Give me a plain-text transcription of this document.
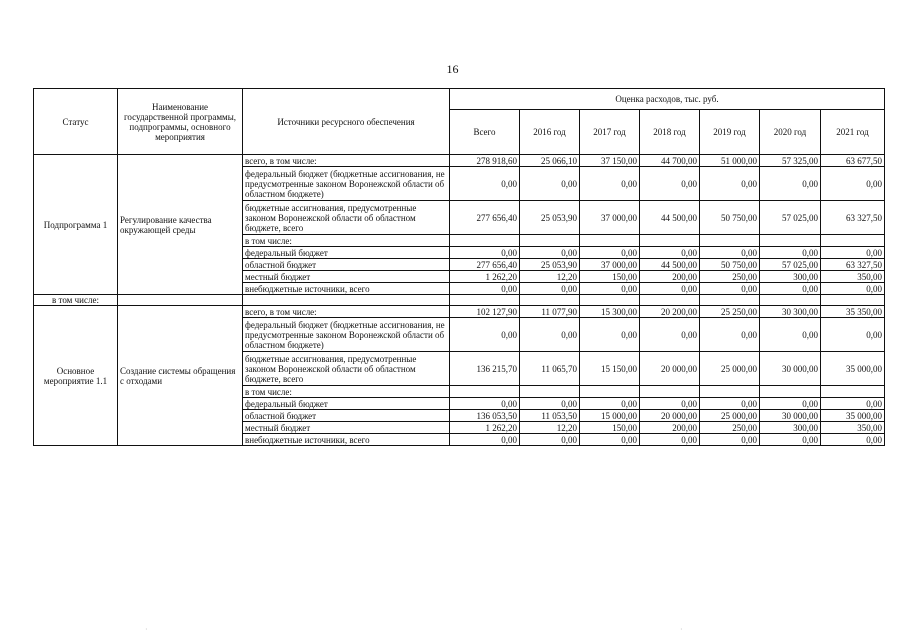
16
Статус	Наименование государственной программы, подпрограммы, основного мероприятия	Источники ресурсного обеспечения	Оценка расходов, тыс. руб.						
			Всего	2016 год	2017 год	2018 год	2019 год	2020 год	2021 год
Подпрограмма 1	Регулирование качества окружающей среды	всего, в том числе:	278 918,60	25 066,10	37 150,00	44 700,00	51 000,00	57 325,00	63 677,50
		федеральный бюджет (бюджетные ассигнования, не предусмотренные законом Воронежской области об областном бюджете)	0,00	0,00	0,00	0,00	0,00	0,00	0,00
		бюджетные ассигнования, предусмотренные законом Воронежской области об областном бюджете, всего	277 656,40	25 053,90	37 000,00	44 500,00	50 750,00	57 025,00	63 327,50
		в том числе:							
		федеральный бюджет	0,00	0,00	0,00	0,00	0,00	0,00	0,00
		областной бюджет	277 656,40	25 053,90	37 000,00	44 500,00	50 750,00	57 025,00	63 327,50
		местный бюджет	1 262,20	12,20	150,00	200,00	250,00	300,00	350,00
		внебюджетные источники, всего	0,00	0,00	0,00	0,00	0,00	0,00	0,00
в том числе:									
Основное мероприятие 1.1	Создание системы обращения с отходами	всего, в том числе:	102 127,90	11 077,90	15 300,00	20 200,00	25 250,00	30 300,00	35 350,00
		федеральный бюджет (бюджетные ассигнования, не предусмотренные законом Воронежской области об областном бюджете)	0,00	0,00	0,00	0,00	0,00	0,00	0,00
		бюджетные ассигнования, предусмотренные законом Воронежской области об областном бюджете, всего	136 215,70	11 065,70	15 150,00	20 000,00	25 000,00	30 000,00	35 000,00
		в том числе:							
		федеральный бюджет	0,00	0,00	0,00	0,00	0,00	0,00	0,00
		областной бюджет	136 053,50	11 053,50	15 000,00	20 000,00	25 000,00	30 000,00	35 000,00
		местный бюджет	1 262,20	12,20	150,00	200,00	250,00	300,00	350,00
		внебюджетные источники, всего	0,00	0,00	0,00	0,00	0,00	0,00	0,00
·	·
